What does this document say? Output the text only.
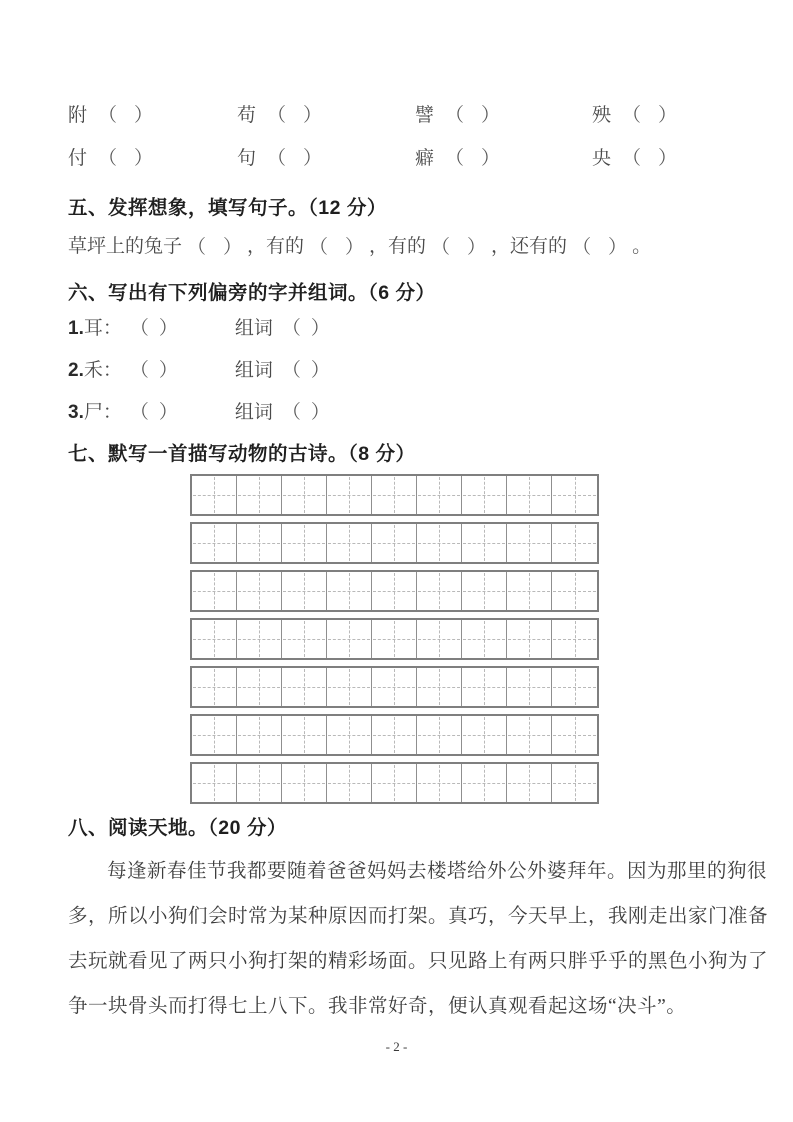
附 （ ）	苟 （ ）	譬 （ ）	殃 （ ）
付 （ ）	句 （ ）	癖 （ ）	央 （ ）
五、发挥想象，填写句子。（12 分）
草坪上的兔子 （ ） ，有的 （ ） ，有的 （ ） ，还有的 （ ） 。
六、写出有下列偏旁的字并组词。（6 分）
1. 耳： （ ）	组词 （ ）
2. 禾： （ ）	组词 （ ）
3. 尸： （ ）	组词 （ ）
七、默写一首描写动物的古诗。（8 分）
八、阅读天地。（20 分）
每逢新春佳节我都要随着爸爸妈妈去楼塔给外公外婆拜年。因为那里的狗很
多，所以小狗们会时常为某种原因而打架。真巧，今天早上，我刚走出家门准备
去玩就看见了两只小狗打架的精彩场面。只见路上有两只胖乎乎的黑色小狗为了
争一块骨头而打得七上八下。我非常好奇，便认真观看起这场“决斗”。
- 2 -
